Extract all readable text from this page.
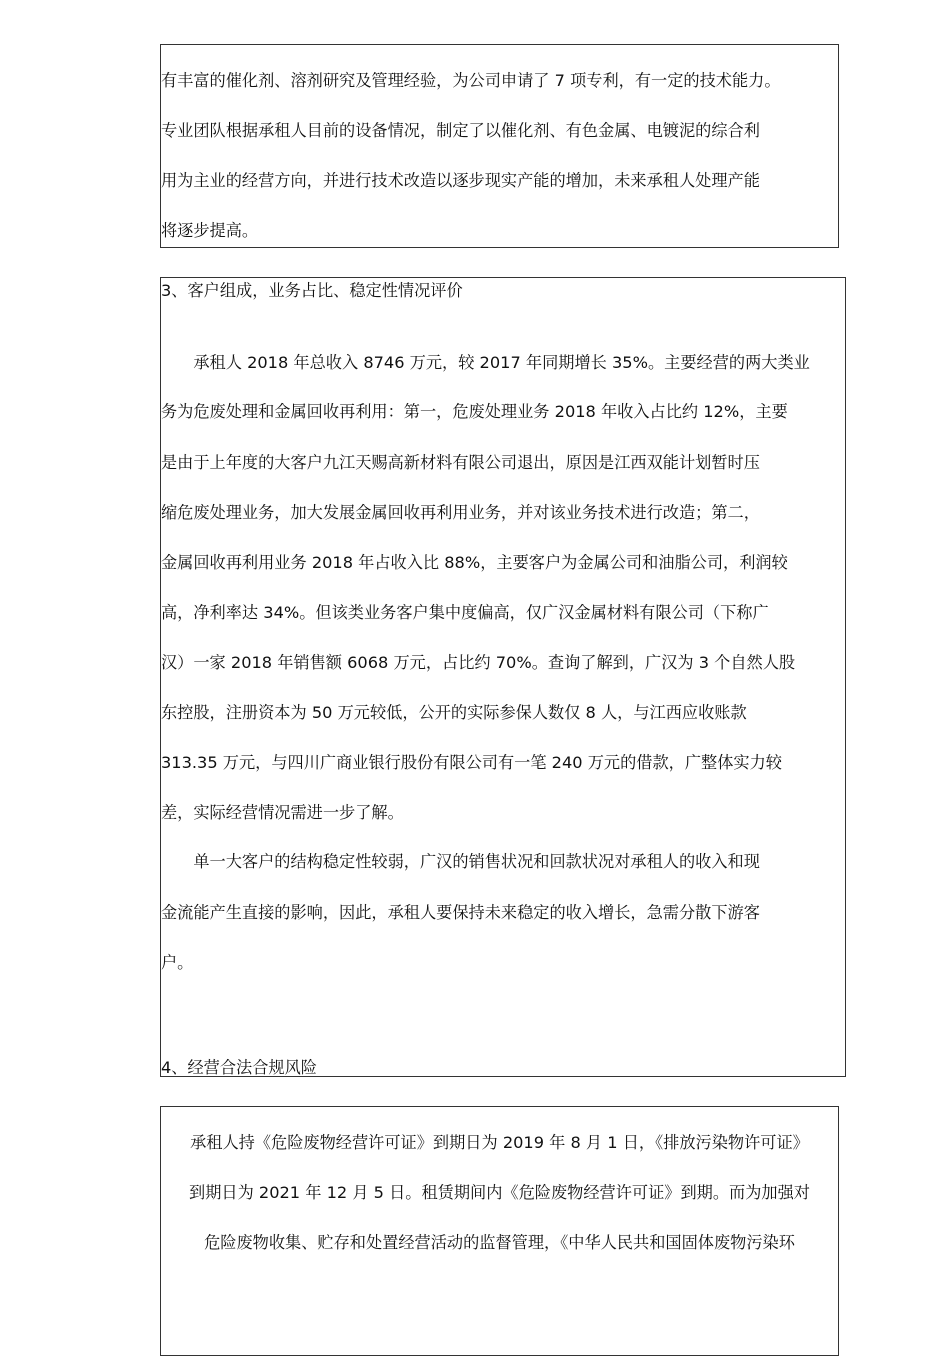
有丰富的催化剂、溶剂研究及管理经验，为公司申请了 7 项专利，有一定的技术能力。
专业团队根据承租人目前的设备情况，制定了以催化剂、有色金属、电镀泥的综合利
用为主业的经营方向，并进行技术改造以逐步现实产能的增加，未来承租人处理产能
将逐步提高。
3、客户组成，业务占比、稳定性情况评价
　　承租人 2018 年总收入 8746 万元，较 2017 年同期增长 35%。主要经营的两大类业
务为危废处理和金属回收再利用：第一，危废处理业务 2018 年收入占比约 12%，主要
是由于上年度的大客户九江天赐高新材料有限公司退出，原因是江西双能计划暂时压
缩危废处理业务，加大发展金属回收再利用业务，并对该业务技术进行改造；第二，
金属回收再利用业务 2018 年占收入比 88%，主要客户为金属公司和油脂公司，利润较
高，净利率达 34%。但该类业务客户集中度偏高，仅广汉金属材料有限公司（下称广
汉）一家 2018 年销售额 6068 万元，占比约 70%。查询了解到，广汉为 3 个自然人股
东控股，注册资本为 50 万元较低，公开的实际参保人数仅 8 人，与江西应收账款
313.35 万元，与四川广商业银行股份有限公司有一笔 240 万元的借款，广整体实力较
差，实际经营情况需进一步了解。
　　单一大客户的结构稳定性较弱，广汉的销售状况和回款状况对承租人的收入和现
金流能产生直接的影响，因此，承租人要保持未来稳定的收入增长，急需分散下游客
户。
4、经营合法合规风险
承租人持《危险废物经营许可证》到期日为 2019 年 8 月 1 日，《排放污染物许可证》
到期日为 2021 年 12 月 5 日。租赁期间内《危险废物经营许可证》到期。而为加强对
危险废物收集、贮存和处置经营活动的监督管理，《中华人民共和国固体废物污染环
